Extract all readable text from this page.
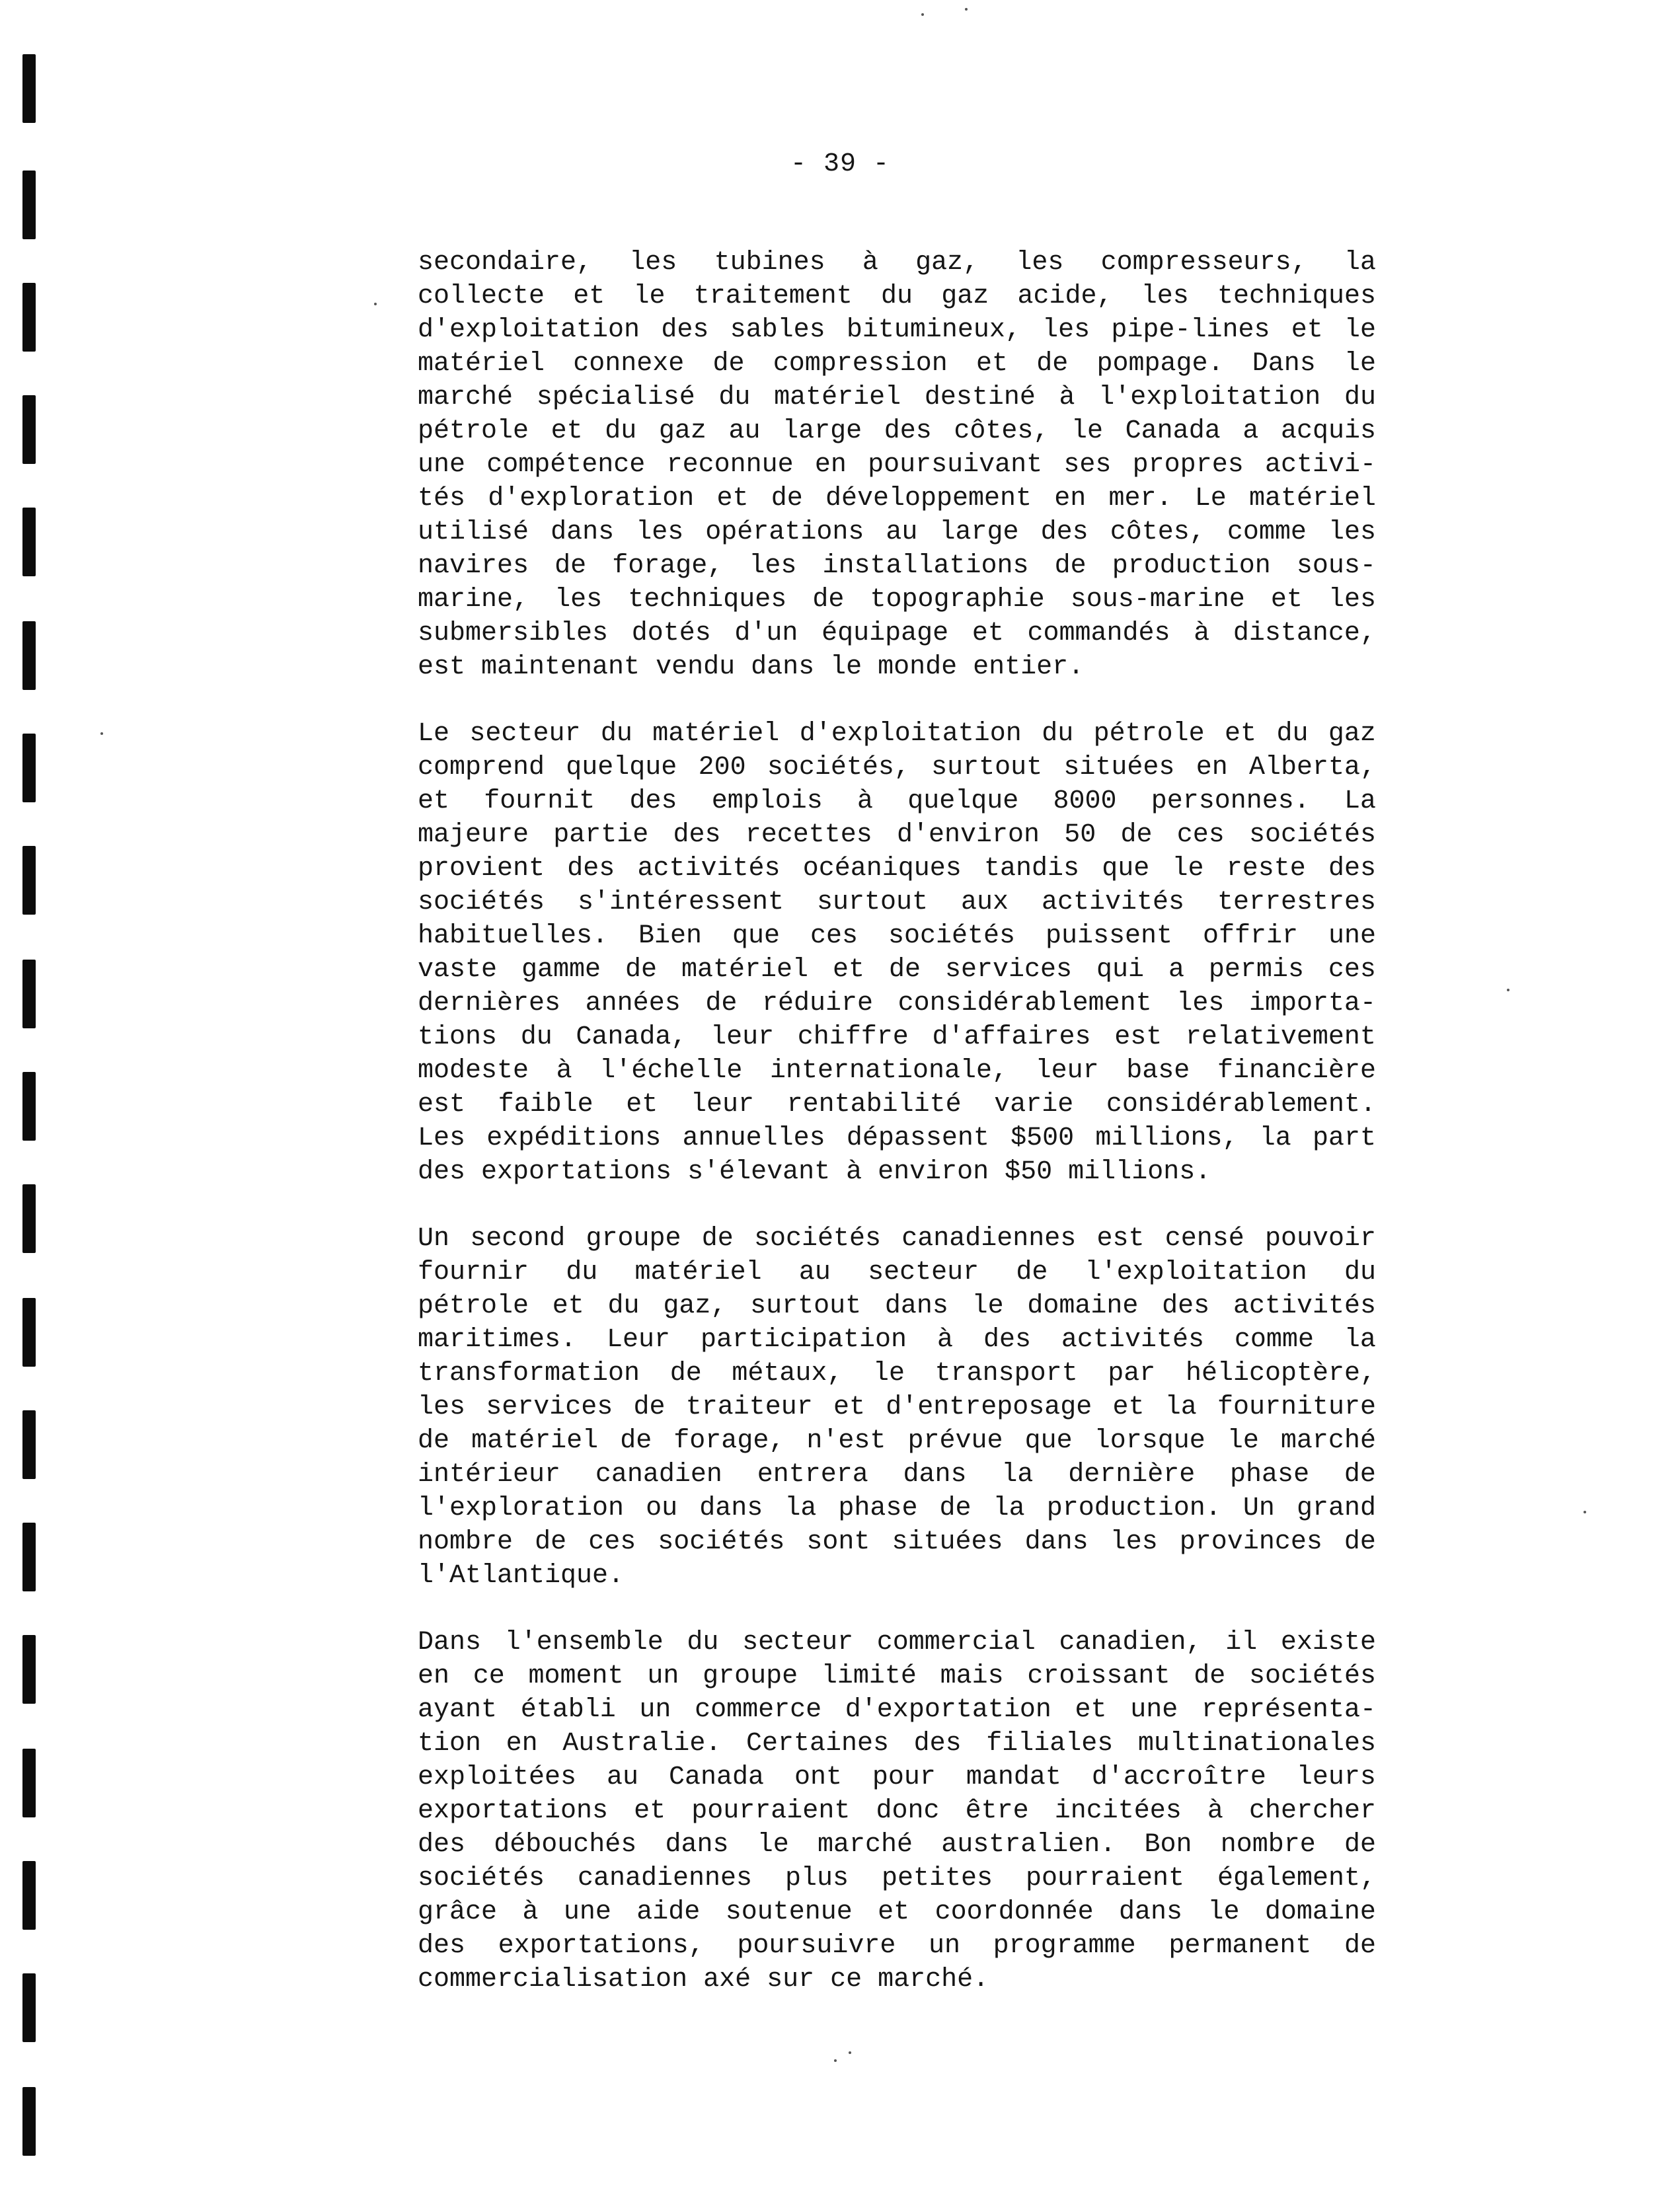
- 39 -
secondaire, les tubines à gaz, les compresseurs, la
collecte et le traitement du gaz acide, les techniques
d'exploitation des sables bitumineux, les pipe-lines et le
matériel connexe de compression et de pompage. Dans le
marché spécialisé du matériel destiné à l'exploitation du
pétrole et du gaz au large des côtes, le Canada a acquis
une compétence reconnue en poursuivant ses propres activi-
tés d'exploration et de développement en mer. Le matériel
utilisé dans les opérations au large des côtes, comme les
navires de forage, les installations de production sous-
marine, les techniques de topographie sous-marine et les
submersibles dotés d'un équipage et commandés à distance,
est maintenant vendu dans le monde entier.
Le secteur du matériel d'exploitation du pétrole et du gaz
comprend quelque 200 sociétés, surtout situées en Alberta,
et fournit des emplois à quelque 8000 personnes. La
majeure partie des recettes d'environ 50 de ces sociétés
provient des activités océaniques tandis que le reste des
sociétés s'intéressent surtout aux activités terrestres
habituelles. Bien que ces sociétés puissent offrir une
vaste gamme de matériel et de services qui a permis ces
dernières années de réduire considérablement les importa-
tions du Canada, leur chiffre d'affaires est relativement
modeste à l'échelle internationale, leur base financière
est faible et leur rentabilité varie considérablement.
Les expéditions annuelles dépassent $500 millions, la part
des exportations s'élevant à environ $50 millions.
Un second groupe de sociétés canadiennes est censé pouvoir
fournir du matériel au secteur de l'exploitation du
pétrole et du gaz, surtout dans le domaine des activités
maritimes. Leur participation à des activités comme la
transformation de métaux, le transport par hélicoptère,
les services de traiteur et d'entreposage et la fourniture
de matériel de forage, n'est prévue que lorsque le marché
intérieur canadien entrera dans la dernière phase de
l'exploration ou dans la phase de la production. Un grand
nombre de ces sociétés sont situées dans les provinces de
l'Atlantique.
Dans l'ensemble du secteur commercial canadien, il existe
en ce moment un groupe limité mais croissant de sociétés
ayant établi un commerce d'exportation et une représenta-
tion en Australie. Certaines des filiales multinationales
exploitées au Canada ont pour mandat d'accroître leurs
exportations et pourraient donc être incitées à chercher
des débouchés dans le marché australien. Bon nombre de
sociétés canadiennes plus petites pourraient également,
grâce à une aide soutenue et coordonnée dans le domaine
des exportations, poursuivre un programme permanent de
commercialisation axé sur ce marché.
